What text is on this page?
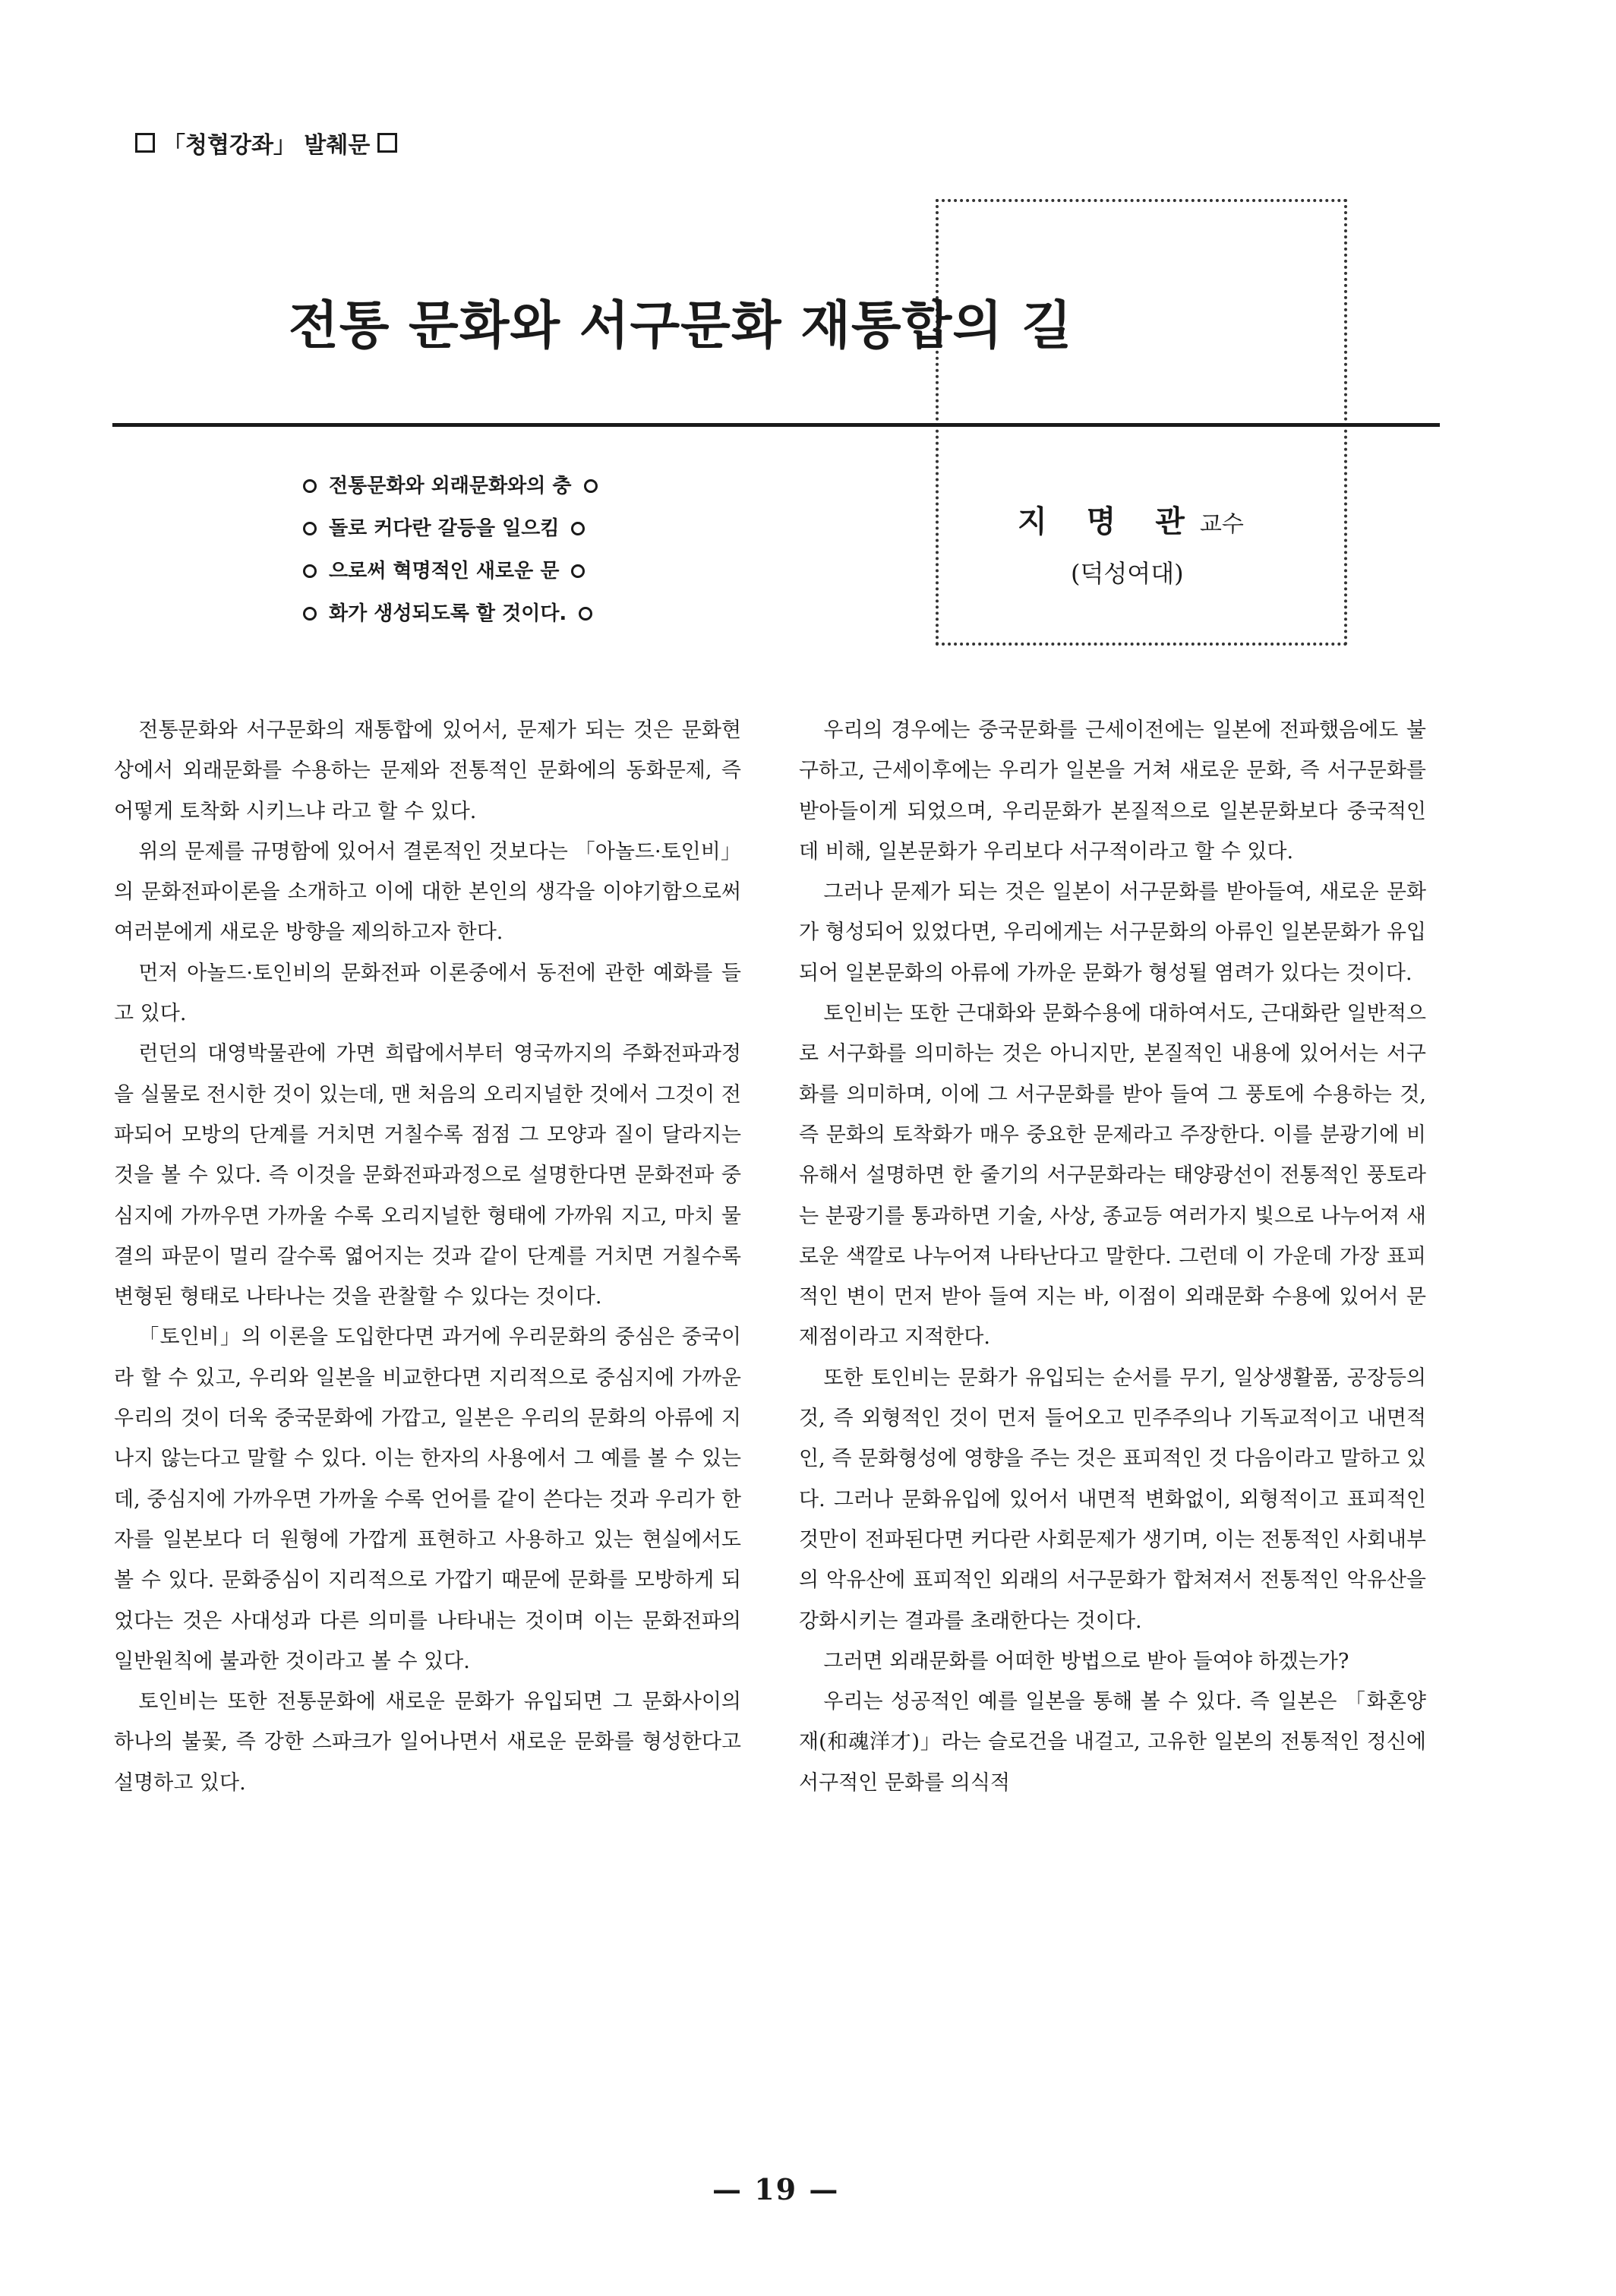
「청협강좌」 발췌문
전통 문화와 서구문화 재통합의 길
전통문화와 외래문화와의 충
돌로 커다란 갈등을 일으킴
으로써 혁명적인 새로운 문
화가 생성되도록 할 것이다.
지 명 관 교수
(덕성여대)

전통문화와 서구문화의 재통합에 있어서, 문제가 되는 것은 문화현상에서 외래문화를 수용하는 문제와 전통적인 문화에의 동화문제, 즉 어떻게 토착화 시키느냐 라고 할 수 있다.

위의 문제를 규명함에 있어서 결론적인 것보다는 「아놀드·토인비」의 문화전파이론을 소개하고 이에 대한 본인의 생각을 이야기함으로써 여러분에게 새로운 방향을 제의하고자 한다.

먼저 아놀드·토인비의 문화전파 이론중에서 동전에 관한 예화를 들고 있다.

런던의 대영박물관에 가면 희랍에서부터 영국까지의 주화전파과정을 실물로 전시한 것이 있는데, 맨 처음의 오리지널한 것에서 그것이 전파되어 모방의 단계를 거치면 거칠수록 점점 그 모양과 질이 달라지는 것을 볼 수 있다. 즉 이것을 문화전파과정으로 설명한다면 문화전파 중심지에 가까우면 가까울 수록 오리지널한 형태에 가까워 지고, 마치 물결의 파문이 멀리 갈수록 엷어지는 것과 같이 단계를 거치면 거칠수록 변형된 형태로 나타나는 것을 관찰할 수 있다는 것이다.

「토인비」의 이론을 도입한다면 과거에 우리문화의 중심은 중국이라 할 수 있고, 우리와 일본을 비교한다면 지리적으로 중심지에 가까운 우리의 것이 더욱 중국문화에 가깝고, 일본은 우리의 문화의 아류에 지나지 않는다고 말할 수 있다. 이는 한자의 사용에서 그 예를 볼 수 있는데, 중심지에 가까우면 가까울 수록 언어를 같이 쓴다는 것과 우리가 한자를 일본보다 더 원형에 가깝게 표현하고 사용하고 있는 현실에서도 볼 수 있다. 문화중심이 지리적으로 가깝기 때문에 문화를 모방하게 되었다는 것은 사대성과 다른 의미를 나타내는 것이며 이는 문화전파의 일반원칙에 불과한 것이라고 볼 수 있다.

토인비는 또한 전통문화에 새로운 문화가 유입되면 그 문화사이의 하나의 불꽃, 즉 강한 스파크가 일어나면서 새로운 문화를 형성한다고 설명하고 있다.

우리의 경우에는 중국문화를 근세이전에는 일본에 전파했음에도 불구하고, 근세이후에는 우리가 일본을 거쳐 새로운 문화, 즉 서구문화를 받아들이게 되었으며, 우리문화가 본질적으로 일본문화보다 중국적인 데 비해, 일본문화가 우리보다 서구적이라고 할 수 있다.

그러나 문제가 되는 것은 일본이 서구문화를 받아들여, 새로운 문화가 형성되어 있었다면, 우리에게는 서구문화의 아류인 일본문화가 유입되어 일본문화의 아류에 가까운 문화가 형성될 염려가 있다는 것이다.

토인비는 또한 근대화와 문화수용에 대하여서도, 근대화란 일반적으로 서구화를 의미하는 것은 아니지만, 본질적인 내용에 있어서는 서구화를 의미하며, 이에 그 서구문화를 받아 들여 그 풍토에 수용하는 것, 즉 문화의 토착화가 매우 중요한 문제라고 주장한다. 이를 분광기에 비유해서 설명하면 한 줄기의 서구문화라는 태양광선이 전통적인 풍토라는 분광기를 통과하면 기술, 사상, 종교등 여러가지 빛으로 나누어져 새로운 색깔로 나누어져 나타난다고 말한다. 그런데 이 가운데 가장 표피적인 변이 먼저 받아 들여 지는 바, 이점이 외래문화 수용에 있어서 문제점이라고 지적한다.

또한 토인비는 문화가 유입되는 순서를 무기, 일상생활품, 공장등의 것, 즉 외형적인 것이 먼저 들어오고 민주주의나 기독교적이고 내면적인, 즉 문화형성에 영향을 주는 것은 표피적인 것 다음이라고 말하고 있다. 그러나 문화유입에 있어서 내면적 변화없이, 외형적이고 표피적인 것만이 전파된다면 커다란 사회문제가 생기며, 이는 전통적인 사회내부의 악유산에 표피적인 외래의 서구문화가 합쳐져서 전통적인 악유산을 강화시키는 결과를 초래한다는 것이다.

그러면 외래문화를 어떠한 방법으로 받아 들여야 하겠는가?

우리는 성공적인 예를 일본을 통해 볼 수 있다. 즉 일본은 「화혼양재(和魂洋才)」라는 슬로건을 내걸고, 고유한 일본의 전통적인 정신에 서구적인 문화를 의식적

— 19 —
